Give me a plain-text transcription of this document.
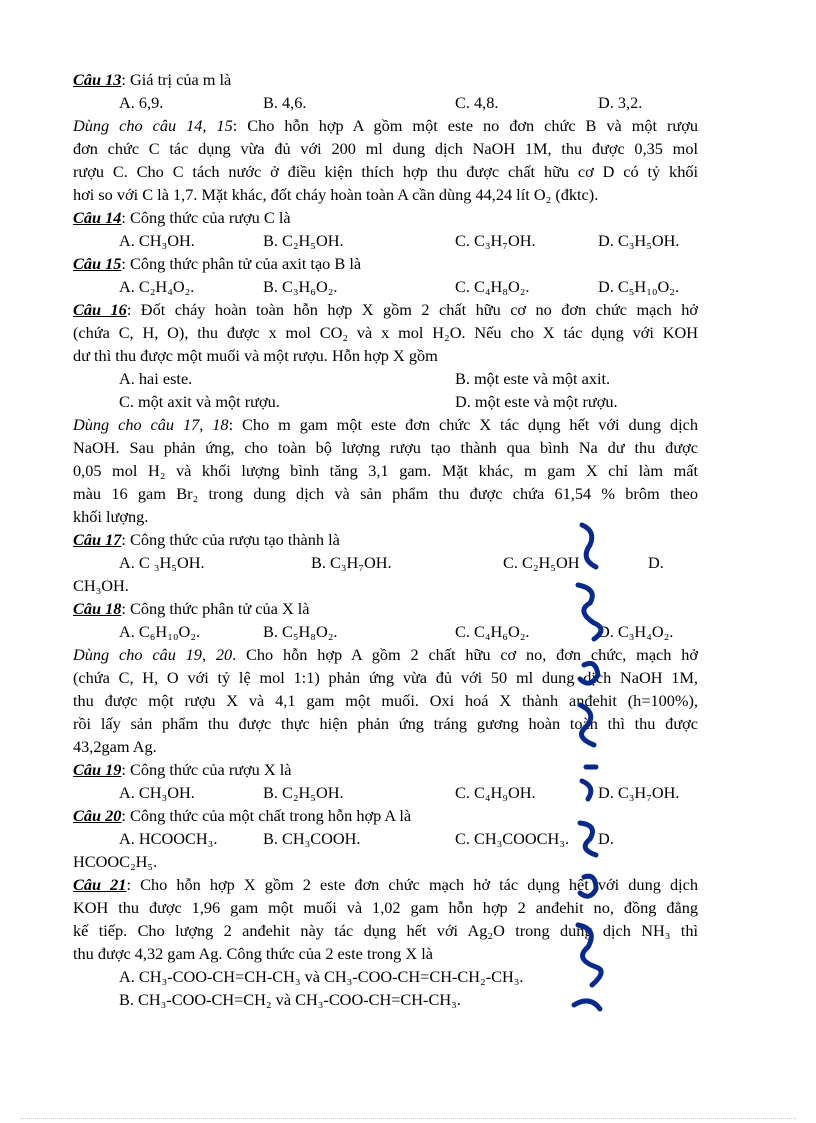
Câu 13: Giá trị của m là
A. 6,9.	B. 4,6.	C. 4,8.	D. 3,2.
Dùng cho câu 14, 15: Cho hỗn hợp A gồm một este no đơn chức B và một rượu
đơn chức C tác dụng vừa đủ với 200 ml dung dịch NaOH 1M, thu được 0,35 mol
rượu C. Cho C tách nước ở điều kiện thích hợp thu được chất hữu cơ D có tỷ khối
hơi so với C là 1,7. Mặt khác, đốt cháy hoàn toàn A cần dùng 44,24 lít O₂ (đktc).
Câu 14: Công thức của rượu C là
A. CH₃OH.	B. C₂H₅OH.	C. C₃H₇OH.	D. C₃H₅OH.
Câu 15: Công thức phân tử của axit tạo B là
A. C₂H₄O₂.	B. C₃H₆O₂.	C. C₄H₈O₂.	D. C₅H₁₀O₂.
Câu 16: Đốt cháy hoàn toàn hỗn hợp X gồm 2 chất hữu cơ no đơn chức mạch hở
(chứa C, H, O), thu được x mol CO₂ và x mol H₂O. Nếu cho X tác dụng với KOH
dư thì thu được một muối và một rượu. Hỗn hợp X gồm
A. hai este.	B. một este và một axit.
C. một axit và một rượu.	D. một este và một rượu.
Dùng cho câu 17, 18: Cho m gam một este đơn chức X tác dụng hết với dung dịch
NaOH. Sau phản ứng, cho toàn bộ lượng rượu tạo thành qua bình Na dư thu được
0,05 mol H₂ và khối lượng bình tăng 3,1 gam. Mặt khác, m gam X chỉ làm mất
màu 16 gam Br₂ trong dung dịch và sản phẩm thu được chứa 61,54 % brôm theo
khối lượng.
Câu 17: Công thức của rượu tạo thành là
A. C ₃H₅OH.	B. C₃H₇OH.	C. C₂H₅OH	D.
CH₃OH.
Câu 18: Công thức phân tử của X là
A. C₆H₁₀O₂.	B. C₅H₈O₂.	C. C₄H₆O₂.	D. C₃H₄O₂.
Dùng cho câu 19, 20. Cho hỗn hợp A gồm 2 chất hữu cơ no, đơn chức, mạch hở
(chứa C, H, O với tỷ lệ mol 1:1) phản ứng vừa đủ với 50 ml dung dịch NaOH 1M,
thu được một rượu X và 4,1 gam một muối. Oxi hoá X thành anđehit (h=100%),
rồi lấy sản phẩm thu được thực hiện phản ứng tráng gương hoàn toàn thì thu được
43,2gam Ag.
Câu 19: Công thức của rượu X là
A. CH₃OH.	B. C₂H₅OH.	C. C₄H₉OH.	D. C₃H₇OH.
Câu 20: Công thức của một chất trong hỗn hợp A là
A. HCOOCH₃.	B. CH₃COOH.	C. CH₃COOCH₃. D.
HCOOC₂H₅.
Câu 21: Cho hỗn hợp X gồm 2 este đơn chức mạch hở tác dụng hết với dung dịch
KOH thu được 1,96 gam một muối và 1,02 gam hỗn hợp 2 anđehit no, đồng đẳng
kế tiếp. Cho lượng 2 anđehit này tác dụng hết với Ag₂O trong dung dịch NH₃ thì
thu được 4,32 gam Ag. Công thức của 2 este trong X là
A. CH₃-COO-CH=CH-CH₃ và CH₃-COO-CH=CH-CH₂-CH₃.
B. CH₃-COO-CH=CH₂ và CH₃-COO-CH=CH-CH₃.
